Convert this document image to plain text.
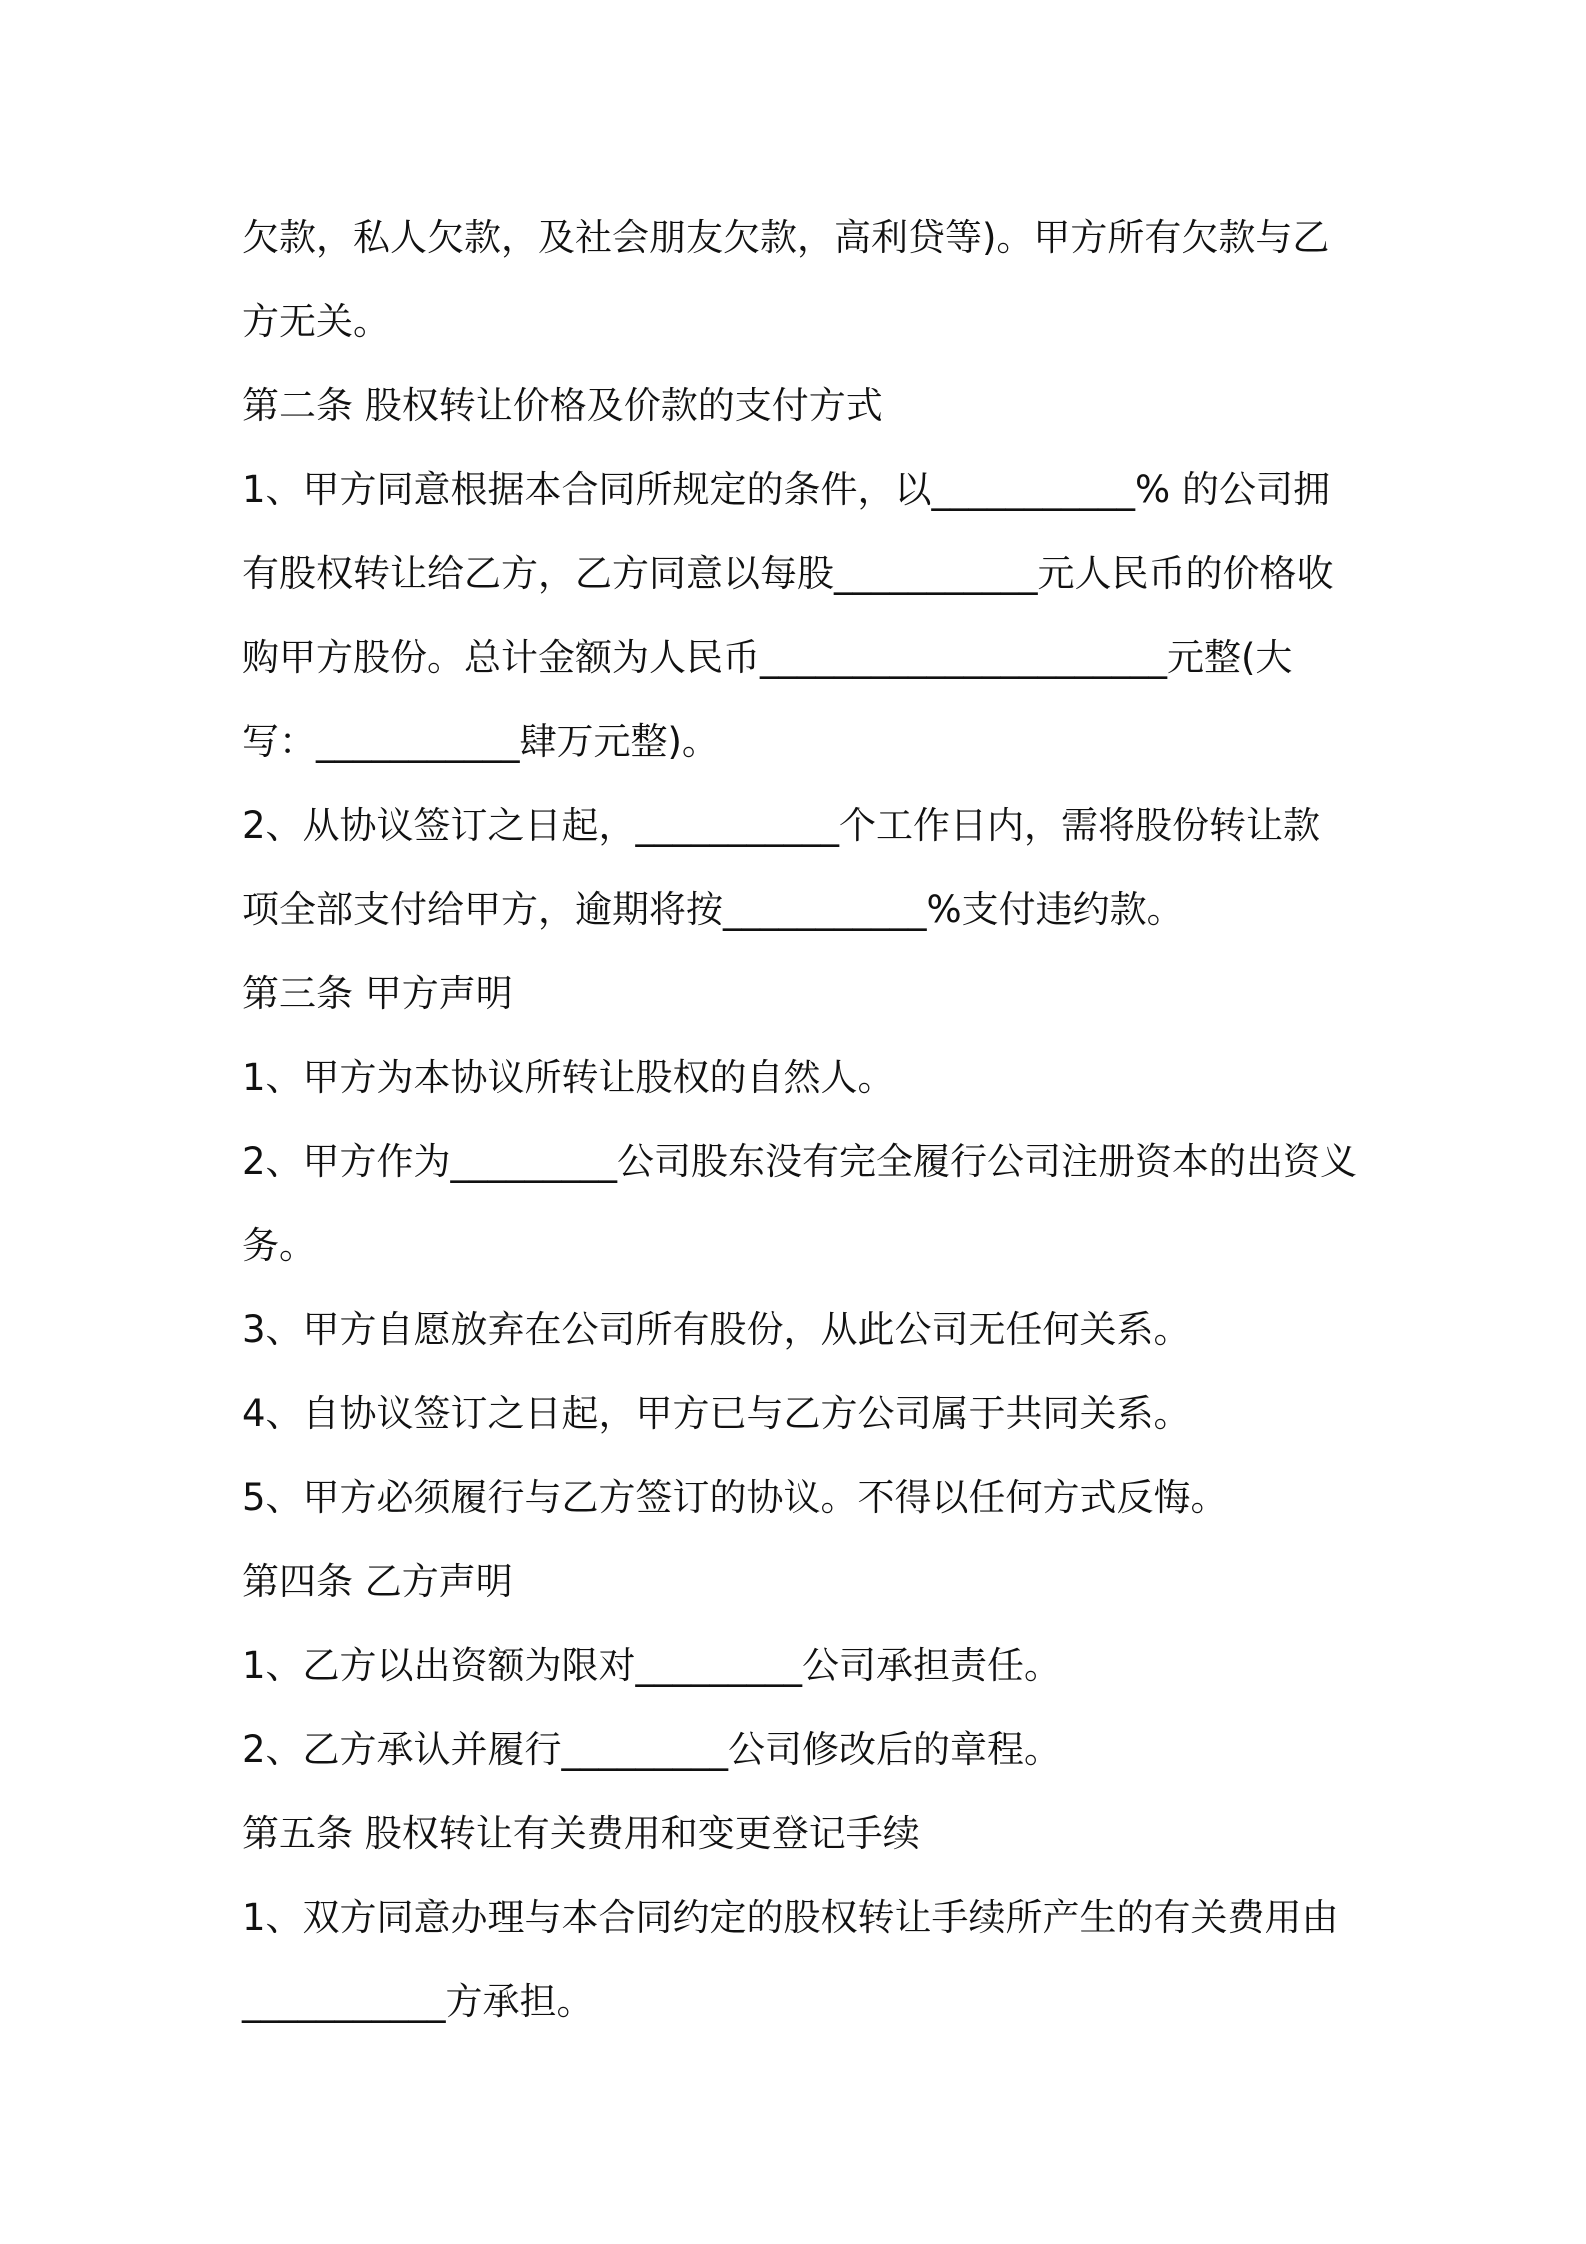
欠款，私人欠款，及社会朋友欠款，高利贷等)。甲方所有欠款与乙
方无关。
第二条 股权转让价格及价款的支付方式
1、甲方同意根据本合同所规定的条件，以___________% 的公司拥
有股权转让给乙方，乙方同意以每股___________元人民币的价格收
购甲方股份。总计金额为人民币______________________元整(大
写：___________肆万元整)。
2、从协议签订之日起，___________个工作日内，需将股份转让款
项全部支付给甲方，逾期将按___________%支付违约款。
第三条 甲方声明
1、甲方为本协议所转让股权的自然人。
2、甲方作为_________公司股东没有完全履行公司注册资本的出资义
务。
3、甲方自愿放弃在公司所有股份，从此公司无任何关系。
4、自协议签订之日起，甲方已与乙方公司属于共同关系。
5、甲方必须履行与乙方签订的协议。不得以任何方式反悔。
第四条 乙方声明
1、乙方以出资额为限对_________公司承担责任。
2、乙方承认并履行_________公司修改后的章程。
第五条 股权转让有关费用和变更登记手续
1、双方同意办理与本合同约定的股权转让手续所产生的有关费用由
___________方承担。
